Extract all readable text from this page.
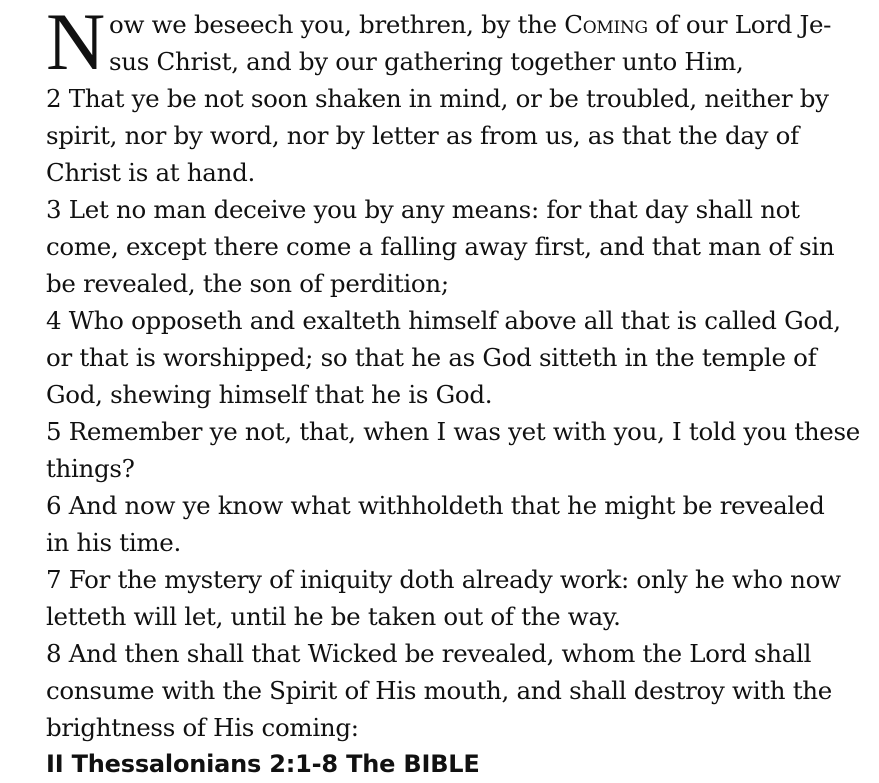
N ow we beseech you, brethren, by the Coming of our Lord Je-
sus Christ, and by our gathering together unto Him,
2 That ye be not soon shaken in mind, or be troubled, neither by
spirit, nor by word, nor by letter as from us, as that the day of
Christ is at hand.
3 Let no man deceive you by any means: for that day shall not
come, except there come a falling away first, and that man of sin
be revealed, the son of perdition;
4 Who opposeth and exalteth himself above all that is called God,
or that is worshipped; so that he as God sitteth in the temple of
God, shewing himself that he is God.
5 Remember ye not, that, when I was yet with you, I told you these
things?
6 And now ye know what withholdeth that he might be revealed
in his time.
7 For the mystery of iniquity doth already work: only he who now
letteth will let, until he be taken out of the way.
8 And then shall that Wicked be revealed, whom the Lord shall
consume with the Spirit of His mouth, and shall destroy with the
brightness of His coming:
II Thessalonians 2:1-8 The BIBLE
